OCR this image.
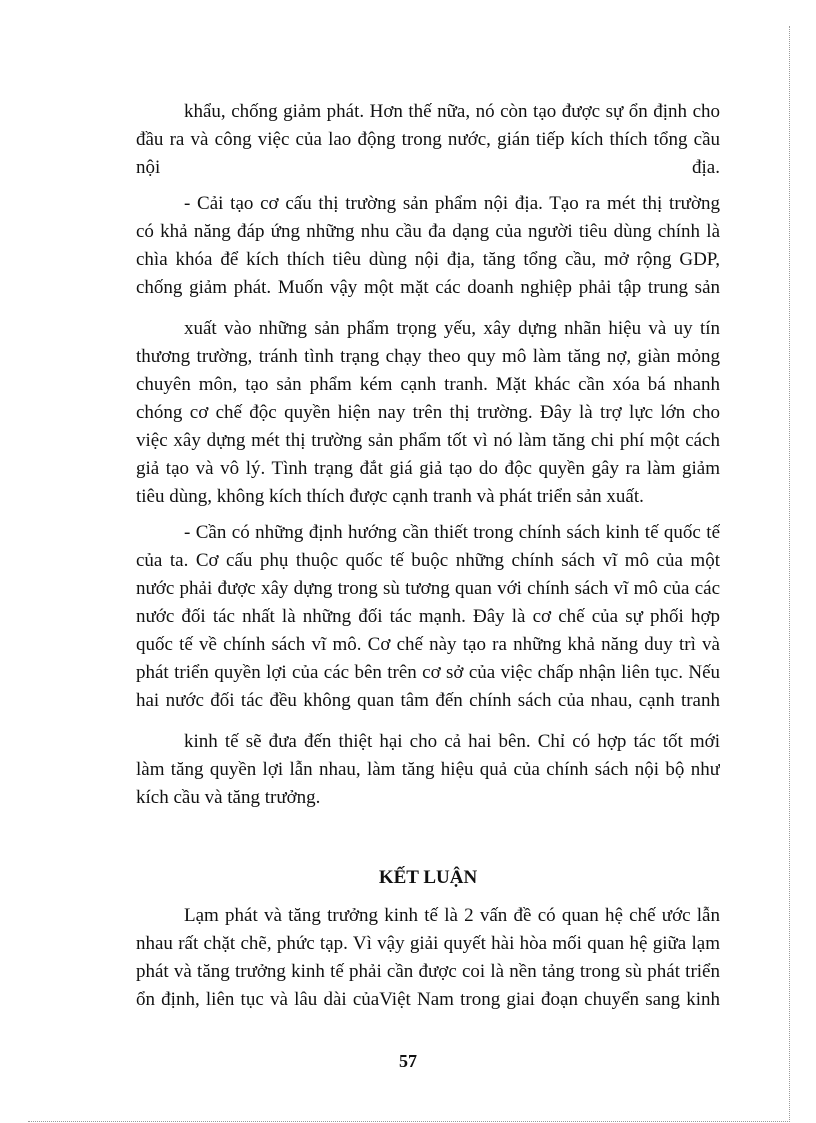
khẩu, chống giảm phát. Hơn thế nữa, nó còn tạo được sự ổn định cho
đầu ra và công việc của lao động trong nước, gián tiếp kích thích tổng cầu
nội	địa.
- Cải tạo cơ cấu thị trường sản phẩm nội địa. Tạo ra mét thị trường
có khả năng đáp ứng những nhu cầu đa dạng của người tiêu dùng chính là
chìa khóa để kích thích tiêu dùng nội địa, tăng tổng cầu, mở rộng GDP,
chống giảm phát. Muốn vậy một mặt các doanh nghiệp phải tập trung sản
xuất vào những sản phẩm trọng yếu, xây dựng nhãn hiệu và uy tín
thương trường, tránh tình trạng chạy theo quy mô làm tăng nợ, giàn mỏng
chuyên môn, tạo sản phẩm kém cạnh tranh. Mặt khác cần xóa bá nhanh
chóng cơ chế độc quyền hiện nay trên thị trường. Đây là trợ lực lớn cho
việc xây dựng mét thị trường sản phẩm tốt vì nó làm tăng chi phí một cách
giả tạo và vô lý. Tình trạng đắt giá giả tạo do độc quyền gây ra làm giảm
tiêu dùng, không kích thích được cạnh tranh và phát triển sản xuất.
- Cần có những định hướng cần thiết trong chính sách kinh tế quốc tế
của ta. Cơ cấu phụ thuộc quốc tế buộc những chính sách vĩ mô của một
nước phải được xây dựng trong sù tương quan với chính sách vĩ mô của các
nước đối tác nhất là những đối tác mạnh. Đây là cơ chế của sự phối hợp
quốc tế về chính sách vĩ mô. Cơ chế này tạo ra những khả năng duy trì và
phát triển quyền lợi của các bên trên cơ sở của việc chấp nhận liên tục. Nếu
hai nước đối tác đều không quan tâm đến chính sách của nhau, cạnh tranh
kinh tế sẽ đưa đến thiệt hại cho cả hai bên. Chỉ có hợp tác tốt mới
làm tăng quyền lợi lẫn nhau, làm tăng hiệu quả của chính sách nội bộ như
kích cầu và tăng trưởng.
KẾT LUẬN
Lạm phát và tăng trưởng kinh tế là 2 vấn đề có quan hệ chế ước lẫn
nhau rất chặt chẽ, phức tạp. Vì vậy giải quyết hài hòa mối quan hệ giữa lạm
phát và tăng trưởng kinh tế phải cần được coi là nền tảng trong sù phát triển
ổn định, liên tục và lâu dài củaViệt Nam trong giai đoạn chuyển sang kinh
57
